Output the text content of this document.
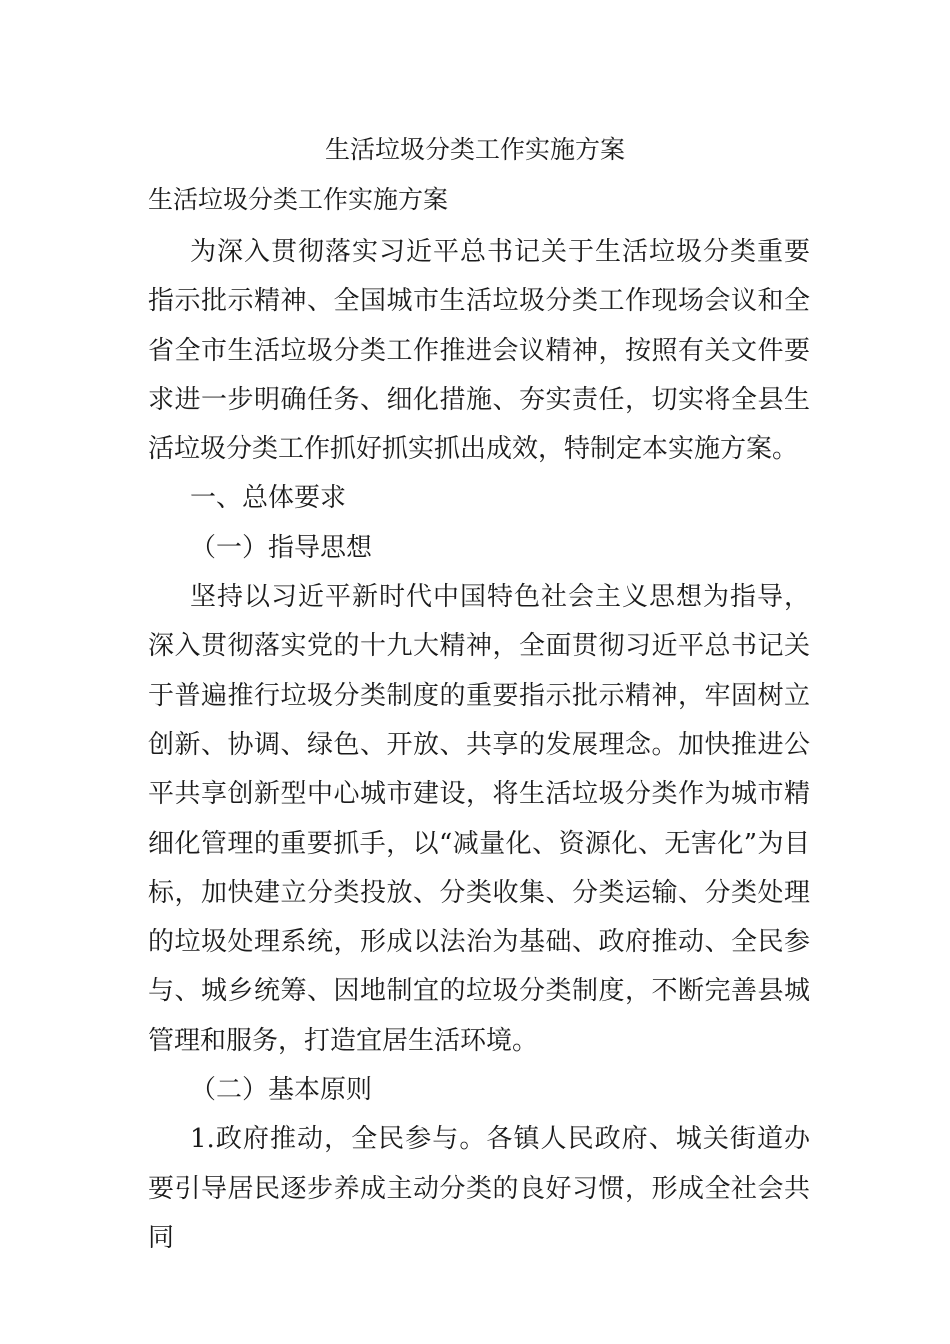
生活垃圾分类工作实施方案
生活垃圾分类工作实施方案

为深入贯彻落实习近平总书记关于生活垃圾分类重要指示批示精神、全国城市生活垃圾分类工作现场会议和全省全市生活垃圾分类工作推进会议精神，按照有关文件要求进一步明确任务、细化措施、夯实责任，切实将全县生活垃圾分类工作抓好抓实抓出成效，特制定本实施方案。

一、总体要求

（一）指导思想

坚持以习近平新时代中国特色社会主义思想为指导，深入贯彻落实党的十九大精神，全面贯彻习近平总书记关于普遍推行垃圾分类制度的重要指示批示精神，牢固树立创新、协调、绿色、开放、共享的发展理念。加快推进公平共享创新型中心城市建设，将生活垃圾分类作为城市精细化管理的重要抓手，以“减量化、资源化、无害化”为目标，加快建立分类投放、分类收集、分类运输、分类处理的垃圾处理系统，形成以法治为基础、政府推动、全民参与、城乡统筹、因地制宜的垃圾分类制度，不断完善县城管理和服务，打造宜居生活环境。

（二）基本原则

1.政府推动，全民参与。各镇人民政府、城关街道办要引导居民逐步养成主动分类的良好习惯，形成全社会共同
